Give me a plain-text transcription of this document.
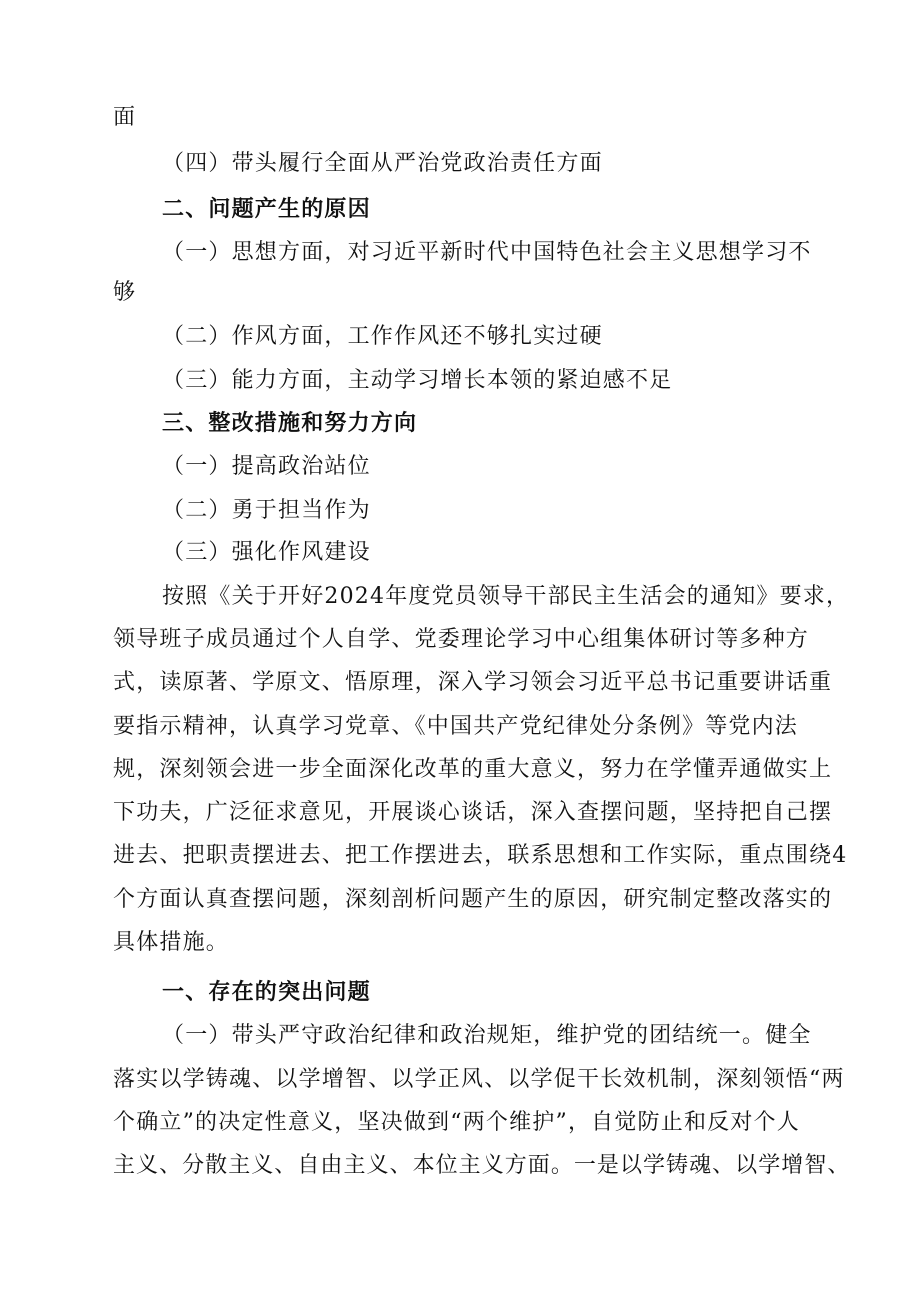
面
（四）带头履行全面从严治党政治责任方面
二、问题产生的原因
（一）思想方面，对习近平新时代中国特色社会主义思想学习不
够
（二）作风方面，工作作风还不够扎实过硬
（三）能力方面，主动学习增长本领的紧迫感不足
三、整改措施和努力方向
（一）提高政治站位
（二）勇于担当作为
（三）强化作风建设
按照《关于开好2024年度党员领导干部民主生活会的通知》要求，
领导班子成员通过个人自学、党委理论学习中心组集体研讨等多种方
式，读原著、学原文、悟原理，深入学习领会习近平总书记重要讲话重
要指示精神，认真学习党章、《中国共产党纪律处分条例》等党内法
规，深刻领会进一步全面深化改革的重大意义，努力在学懂弄通做实上
下功夫，广泛征求意见，开展谈心谈话，深入查摆问题，坚持把自己摆
进去、把职责摆进去、把工作摆进去，联系思想和工作实际，重点围绕4
个方面认真查摆问题，深刻剖析问题产生的原因，研究制定整改落实的
具体措施。
一、存在的突出问题
（一）带头严守政治纪律和政治规矩，维护党的团结统一。健全
落实以学铸魂、以学增智、以学正风、以学促干长效机制，深刻领悟“两
个确立”的决定性意义，坚决做到“两个维护”，自觉防止和反对个人
主义、分散主义、自由主义、本位主义方面。一是以学铸魂、以学增智、
